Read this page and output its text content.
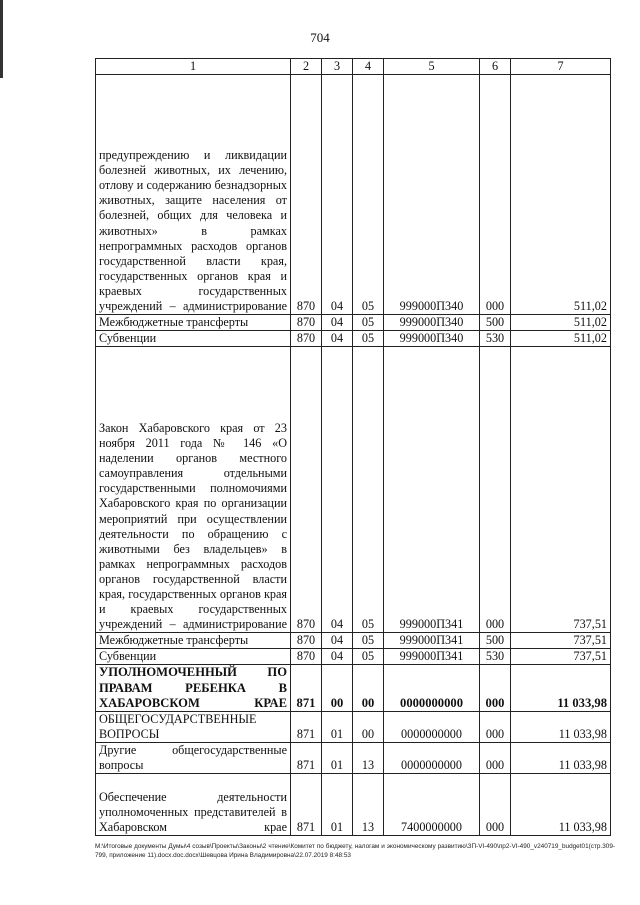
704
1	2	3	4	5	6	7
предупреждению и ликвидации болезней животных, их лечению, отлову и содержанию безнадзорных животных, защите населения от болезней, общих для человека и животных» в рамках непрограммных расходов органов государственной власти края, государственных органов края и краевых государственных учреждений – администрирование	870	04	05	999000П340	000	511,02
Межбюджетные трансферты	870	04	05	999000П340	500	511,02
Субвенции	870	04	05	999000П340	530	511,02
Закон Хабаровского края от 23 ноября 2011 года № 146 «О наделении органов местного самоуправления отдельными государственными полномочиями Хабаровского края по организации мероприятий при осуществлении деятельности по обращению с животными без владельцев» в рамках непрограммных расходов органов государственной власти края, государственных органов края и краевых государственных учреждений – администрирование	870	04	05	999000П341	000	737,51
Межбюджетные трансферты	870	04	05	999000П341	500	737,51
Субвенции	870	04	05	999000П341	530	737,51
УПОЛНОМОЧЕННЫЙ ПО ПРАВАМ РЕБЕНКА В ХАБАРОВСКОМ КРАЕ	871	00	00	0000000000	000	11 033,98
ОБЩЕГОСУДАРСТВЕННЫЕ ВОПРОСЫ	871	01	00	0000000000	000	11 033,98
Другие общегосударственные вопросы	871	01	13	0000000000	000	11 033,98
Обеспечение деятельности уполномоченных представителей в Хабаровском крае	871	01	13	7400000000	000	11 033,98
M:\Итоговые документы Думы\4 созыв\Проекты\Законы\2 чтение\Комитет по бюджету, налогам и экономическому развитию\ЗП-VI-490\пр2-VI-490_v240719_budget01(стр.309-799, приложение 11).docx.doc.docx\Шевцова Ирина Владимировна\22.07.2019 8:48:53
